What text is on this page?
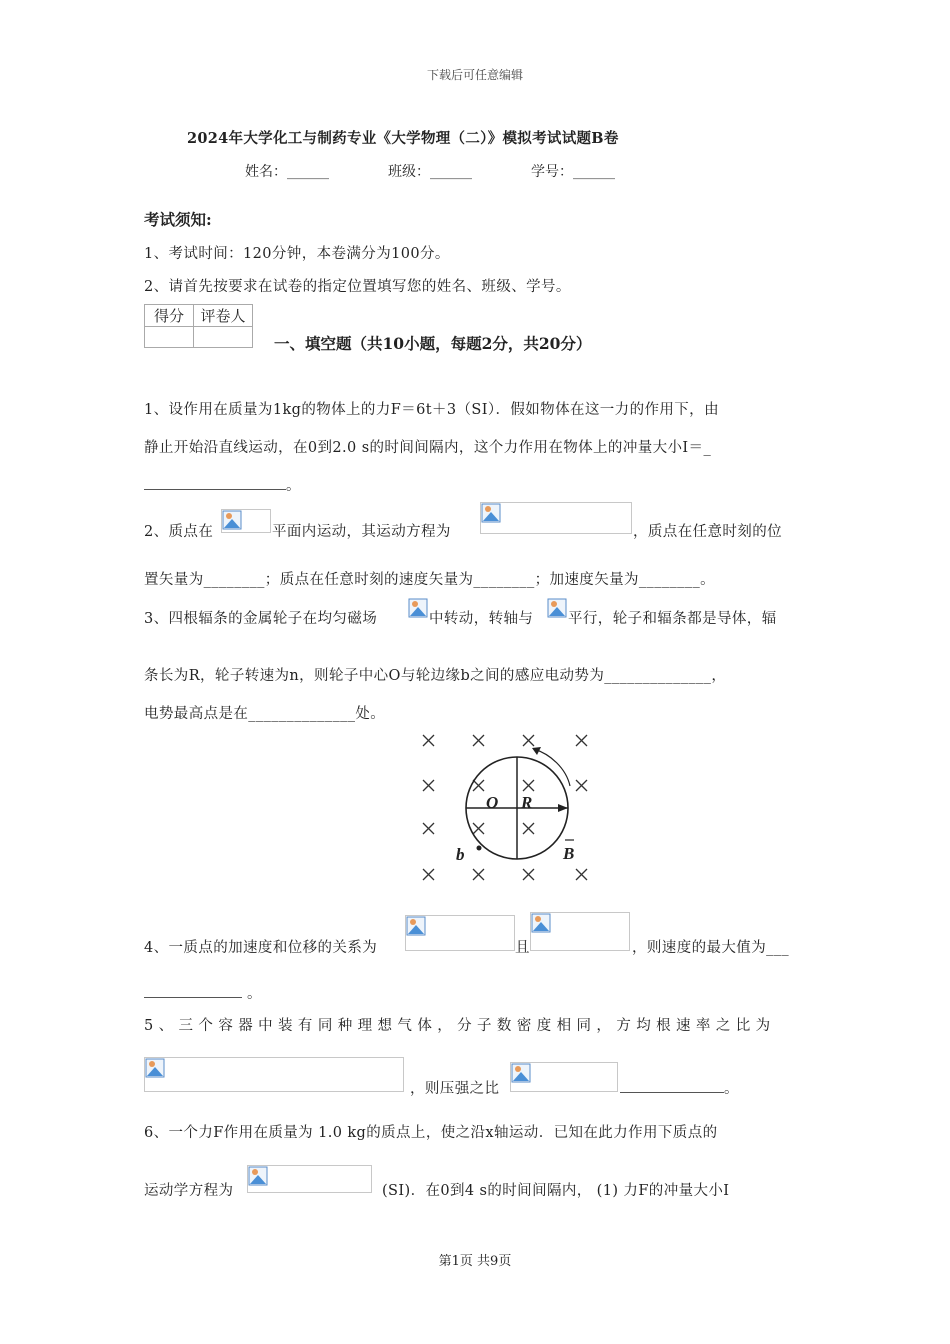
下载后可任意编辑
2024年大学化工与制药专业《大学物理（二）》模拟考试试题B卷
姓名：______	班级：______	学号：______
考试须知:
1、考试时间：120分钟，本卷满分为100分。
2、请首先按要求在试卷的指定位置填写您的姓名、班级、学号。
得分	评卷人

一、填空题（共10小题，每题2分，共20分）
1、设作用在质量为1kg的物体上的力F＝6t＋3（SI）．假如物体在这一力的作用下，由
静止开始沿直线运动，在0到2.0 s的时间间隔内，这个力作用在物体上的冲量大小I＝_
。
2、质点在	平面内运动，其运动方程为	，质点在任意时刻的位
置矢量为________；质点在任意时刻的速度矢量为________；加速度矢量为________。
3、四根辐条的金属轮子在均匀磁场	中转动，转轴与 平行，轮子和辐条都是导体，辐
条长为R，轮子转速为n，则轮子中心O与轮边缘b之间的感应电动势为______________，
电势最高点是在______________处。
O R
b	B
4、一质点的加速度和位移的关系为	且	，则速度的最大值为___
。
5、三个容器中装有同种理想气体，分子数密度相同，方均根速率之比为
，则压强之比	。
6、一个力F作用在质量为 1.0 kg的质点上，使之沿x轴运动．已知在此力作用下质点的
运动学方程为	(SI)．在0到4 s的时间间隔内， (1) 力F的冲量大小I
第1页 共9页
